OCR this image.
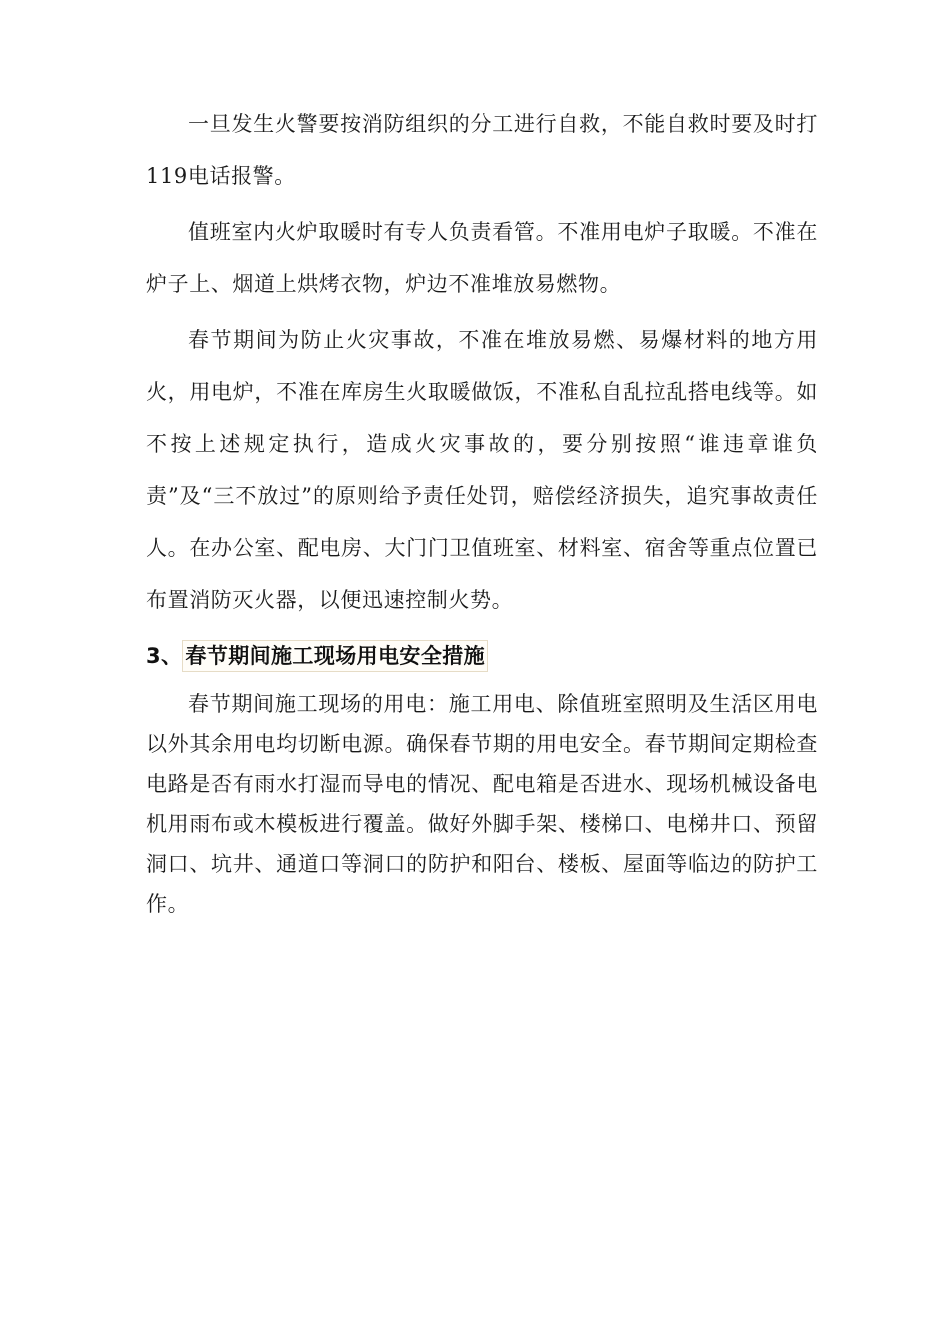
一旦发生火警要按消防组织的分工进行自救，不能自救时要及时打119电话报警。

值班室内火炉取暖时有专人负责看管。不准用电炉子取暖。不准在炉子上、烟道上烘烤衣物，炉边不准堆放易燃物。

春节期间为防止火灾事故，不准在堆放易燃、易爆材料的地方用火，用电炉，不准在库房生火取暖做饭，不准私自乱拉乱搭电线等。如不按上述规定执行，造成火灾事故的，要分别按照“谁违章谁负责”及“三不放过”的原则给予责任处罚，赔偿经济损失，追究事故责任人。在办公室、配电房、大门门卫值班室、材料室、宿舍等重点位置已布置消防灭火器，以便迅速控制火势。

3、 春节期间施工现场用电安全措施

春节期间施工现场的用电：施工用电、除值班室照明及生活区用电以外其余用电均切断电源。确保春节期的用电安全。春节期间定期检查电路是否有雨水打湿而导电的情况、配电箱是否进水、现场机械设备电机用雨布或木模板进行覆盖。做好外脚手架、楼梯口、电梯井口、预留洞口、坑井、通道口等洞口的防护和阳台、楼板、屋面等临边的防护工作。
